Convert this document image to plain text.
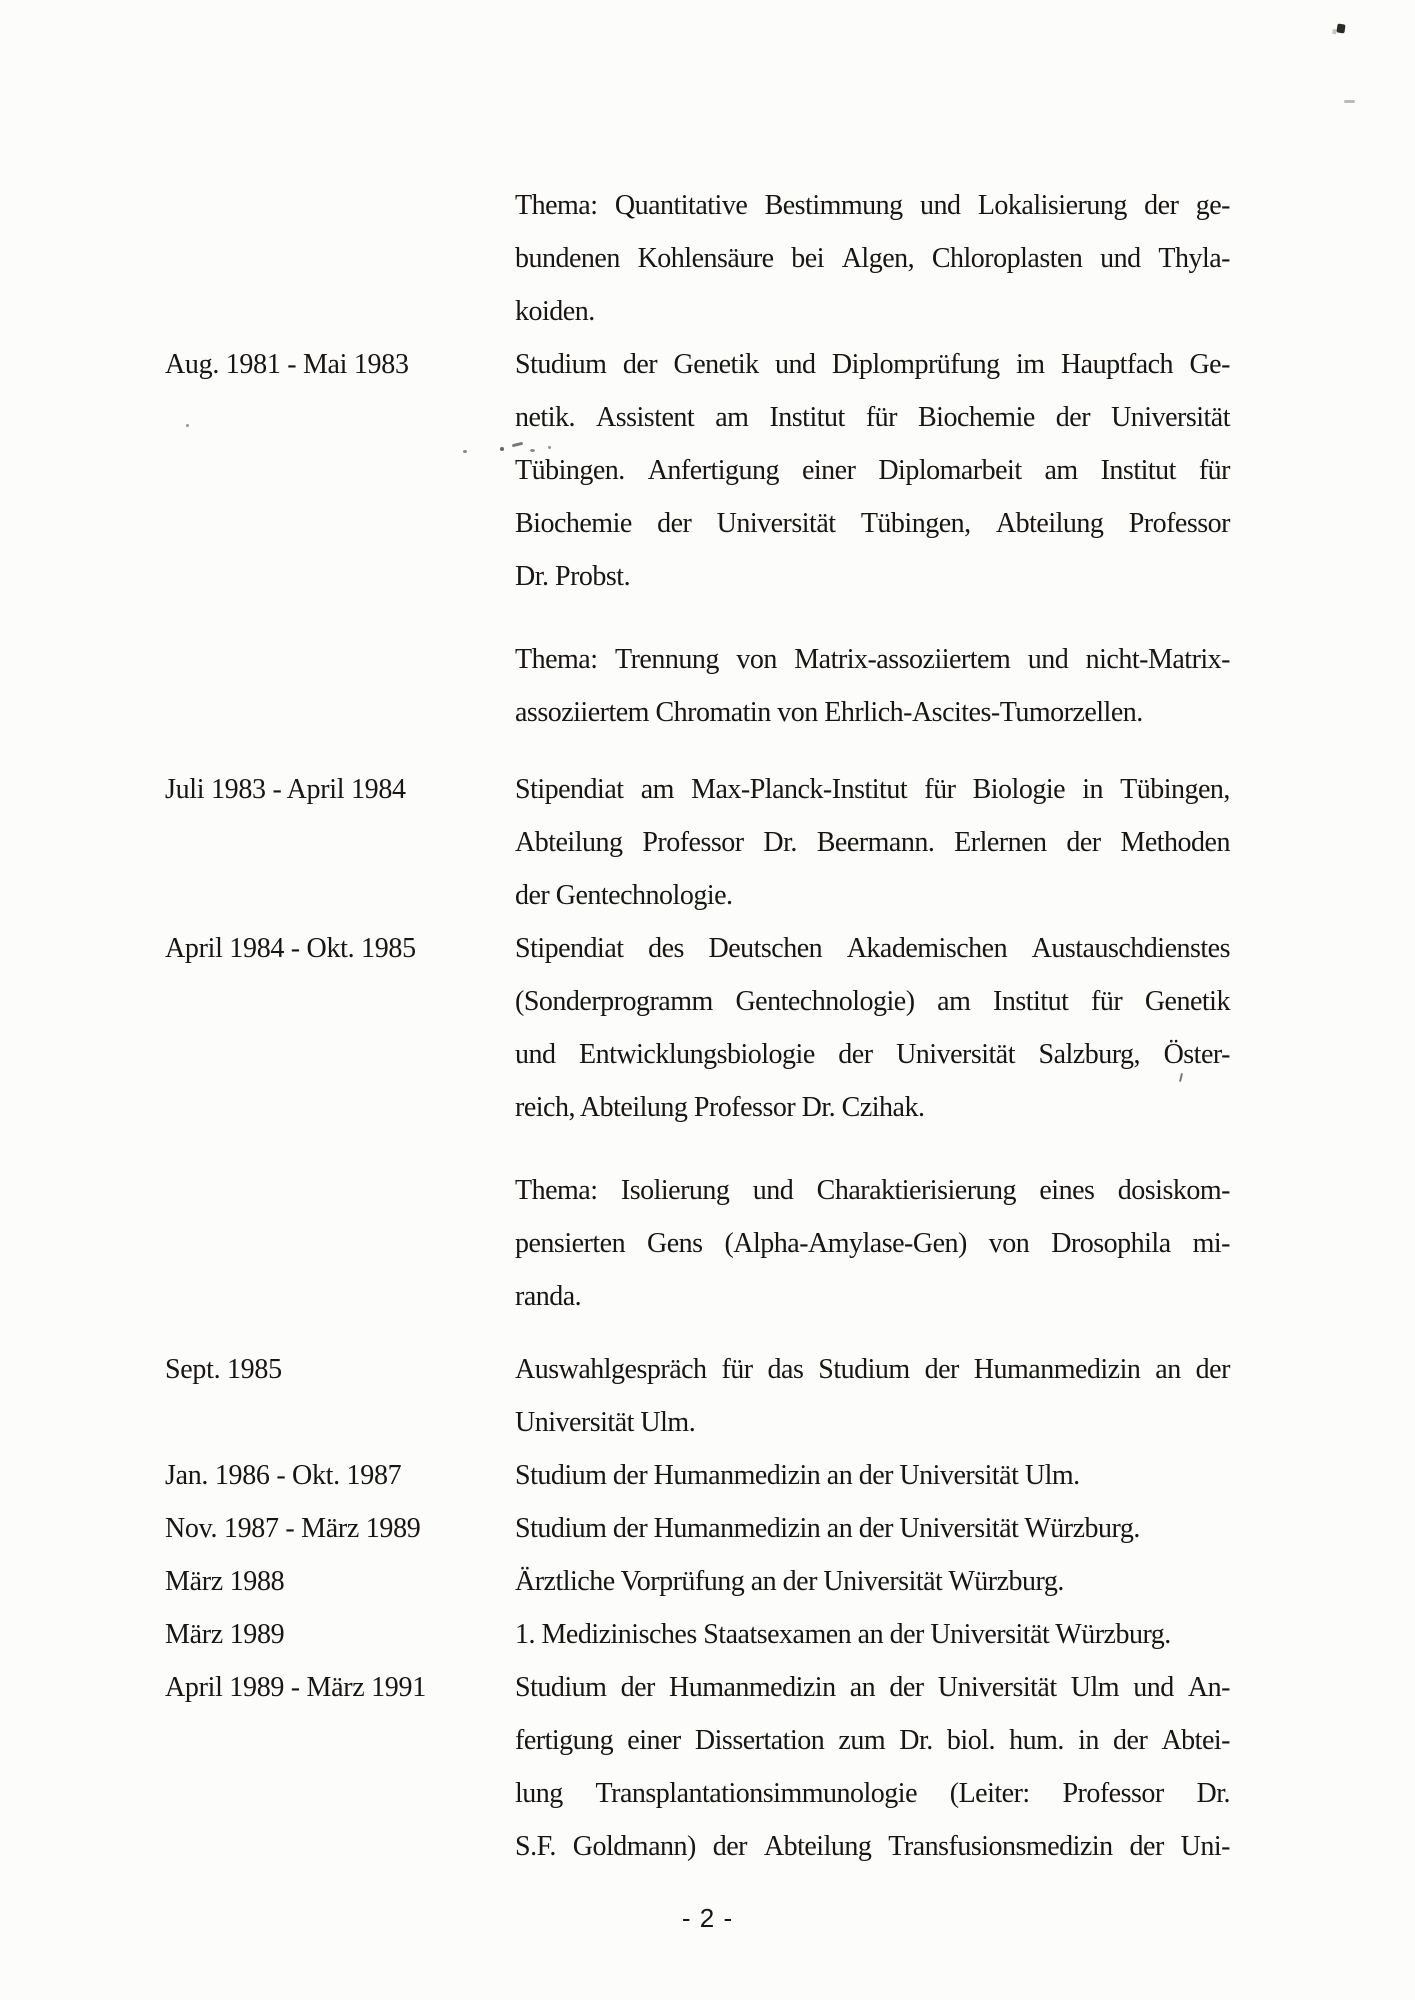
Thema: Quantitative Bestimmung und Lokalisierung der ge-
bundenen Kohlensäure bei Algen, Chloroplasten und Thyla-
koiden.
Aug. 1981 - Mai 1983	Studium der Genetik und Diplomprüfung im Hauptfach Ge-
netik. Assistent am Institut für Biochemie der Universität
Tübingen. Anfertigung einer Diplomarbeit am Institut für
Biochemie der Universität Tübingen, Abteilung Professor
Dr. Probst.
Thema: Trennung von Matrix-assoziiertem und nicht-Matrix-
assoziiertem Chromatin von Ehrlich-Ascites-Tumorzellen.
Juli 1983 - April 1984	Stipendiat am Max-Planck-Institut für Biologie in Tübingen,
Abteilung Professor Dr. Beermann. Erlernen der Methoden
der Gentechnologie.
April 1984 - Okt. 1985	Stipendiat des Deutschen Akademischen Austauschdienstes
(Sonderprogramm Gentechnologie) am Institut für Genetik
und Entwicklungsbiologie der Universität Salzburg, Öster-
reich, Abteilung Professor Dr. Czihak.
Thema: Isolierung und Charaktierisierung eines dosiskom-
pensierten Gens (Alpha-Amylase-Gen) von Drosophila mi-
randa.
Sept. 1985	Auswahlgespräch für das Studium der Humanmedizin an der
Universität Ulm.
Jan. 1986 - Okt. 1987	Studium der Humanmedizin an der Universität Ulm.
Nov. 1987 - März 1989	Studium der Humanmedizin an der Universität Würzburg.
März 1988	Ärztliche Vorprüfung an der Universität Würzburg.
März 1989	1. Medizinisches Staatsexamen an der Universität Würzburg.
April 1989 - März 1991	Studium der Humanmedizin an der Universität Ulm und An-
fertigung einer Dissertation zum Dr. biol. hum. in der Abtei-
lung Transplantationsimmunologie (Leiter: Professor Dr.
S.F. Goldmann) der Abteilung Transfusionsmedizin der Uni-
- 2 -
